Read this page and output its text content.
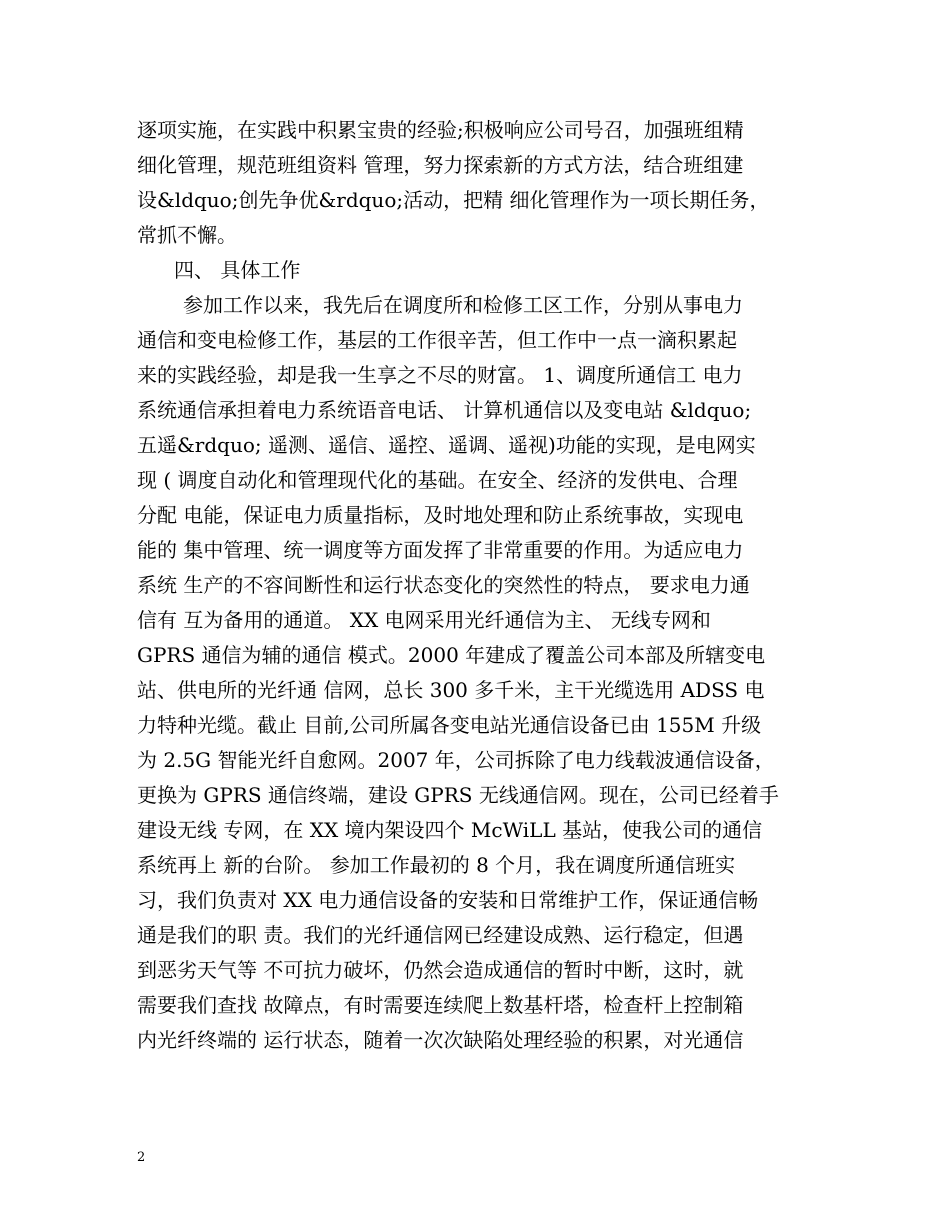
逐项实施，在实践中积累宝贵的经验;积极响应公司号召，加强班组精
细化管理，规范班组资料 管理，努力探索新的方式方法，结合班组建
设&ldquo;创先争优&rdquo;活动，把精 细化管理作为一项长期任务，
常抓不懈。
四、 具体工作
参加工作以来，我先后在调度所和检修工区工作，分别从事电力
通信和变电检修工作，基层的工作很辛苦，但工作中一点一滴积累起
来的实践经验，却是我一生享之不尽的财富。 1、调度所通信工 电力
系统通信承担着电力系统语音电话、 计算机通信以及变电站 &ldquo;
五遥&rdquo; 遥测、遥信、遥控、遥调、遥视)功能的实现，是电网实
现 ( 调度自动化和管理现代化的基础。在安全、经济的发供电、合理
分配 电能，保证电力质量指标，及时地处理和防止系统事故，实现电
能的 集中管理、统一调度等方面发挥了非常重要的作用。为适应电力
系统 生产的不容间断性和运行状态变化的突然性的特点， 要求电力通
信有 互为备用的通道。 XX 电网采用光纤通信为主、 无线专网和
GPRS 通信为辅的通信 模式。2000 年建成了覆盖公司本部及所辖变电
站、供电所的光纤通 信网，总长 300 多千米，主干光缆选用 ADSS 电
力特种光缆。截止 目前,公司所属各变电站光通信设备已由 155M 升级
为 2.5G 智能光纤自愈网。2007 年，公司拆除了电力线载波通信设备，
更换为 GPRS 通信终端，建设 GPRS 无线通信网。现在，公司已经着手
建设无线 专网，在 XX 境内架设四个 McWiLL 基站，使我公司的通信
系统再上 新的台阶。 参加工作最初的 8 个月，我在调度所通信班实
习，我们负责对 XX 电力通信设备的安装和日常维护工作，保证通信畅
通是我们的职 责。我们的光纤通信网已经建设成熟、运行稳定，但遇
到恶劣天气等 不可抗力破坏，仍然会造成通信的暂时中断，这时，就
需要我们查找 故障点，有时需要连续爬上数基杆塔，检查杆上控制箱
内光纤终端的 运行状态，随着一次次缺陷处理经验的积累，对光通信
2
